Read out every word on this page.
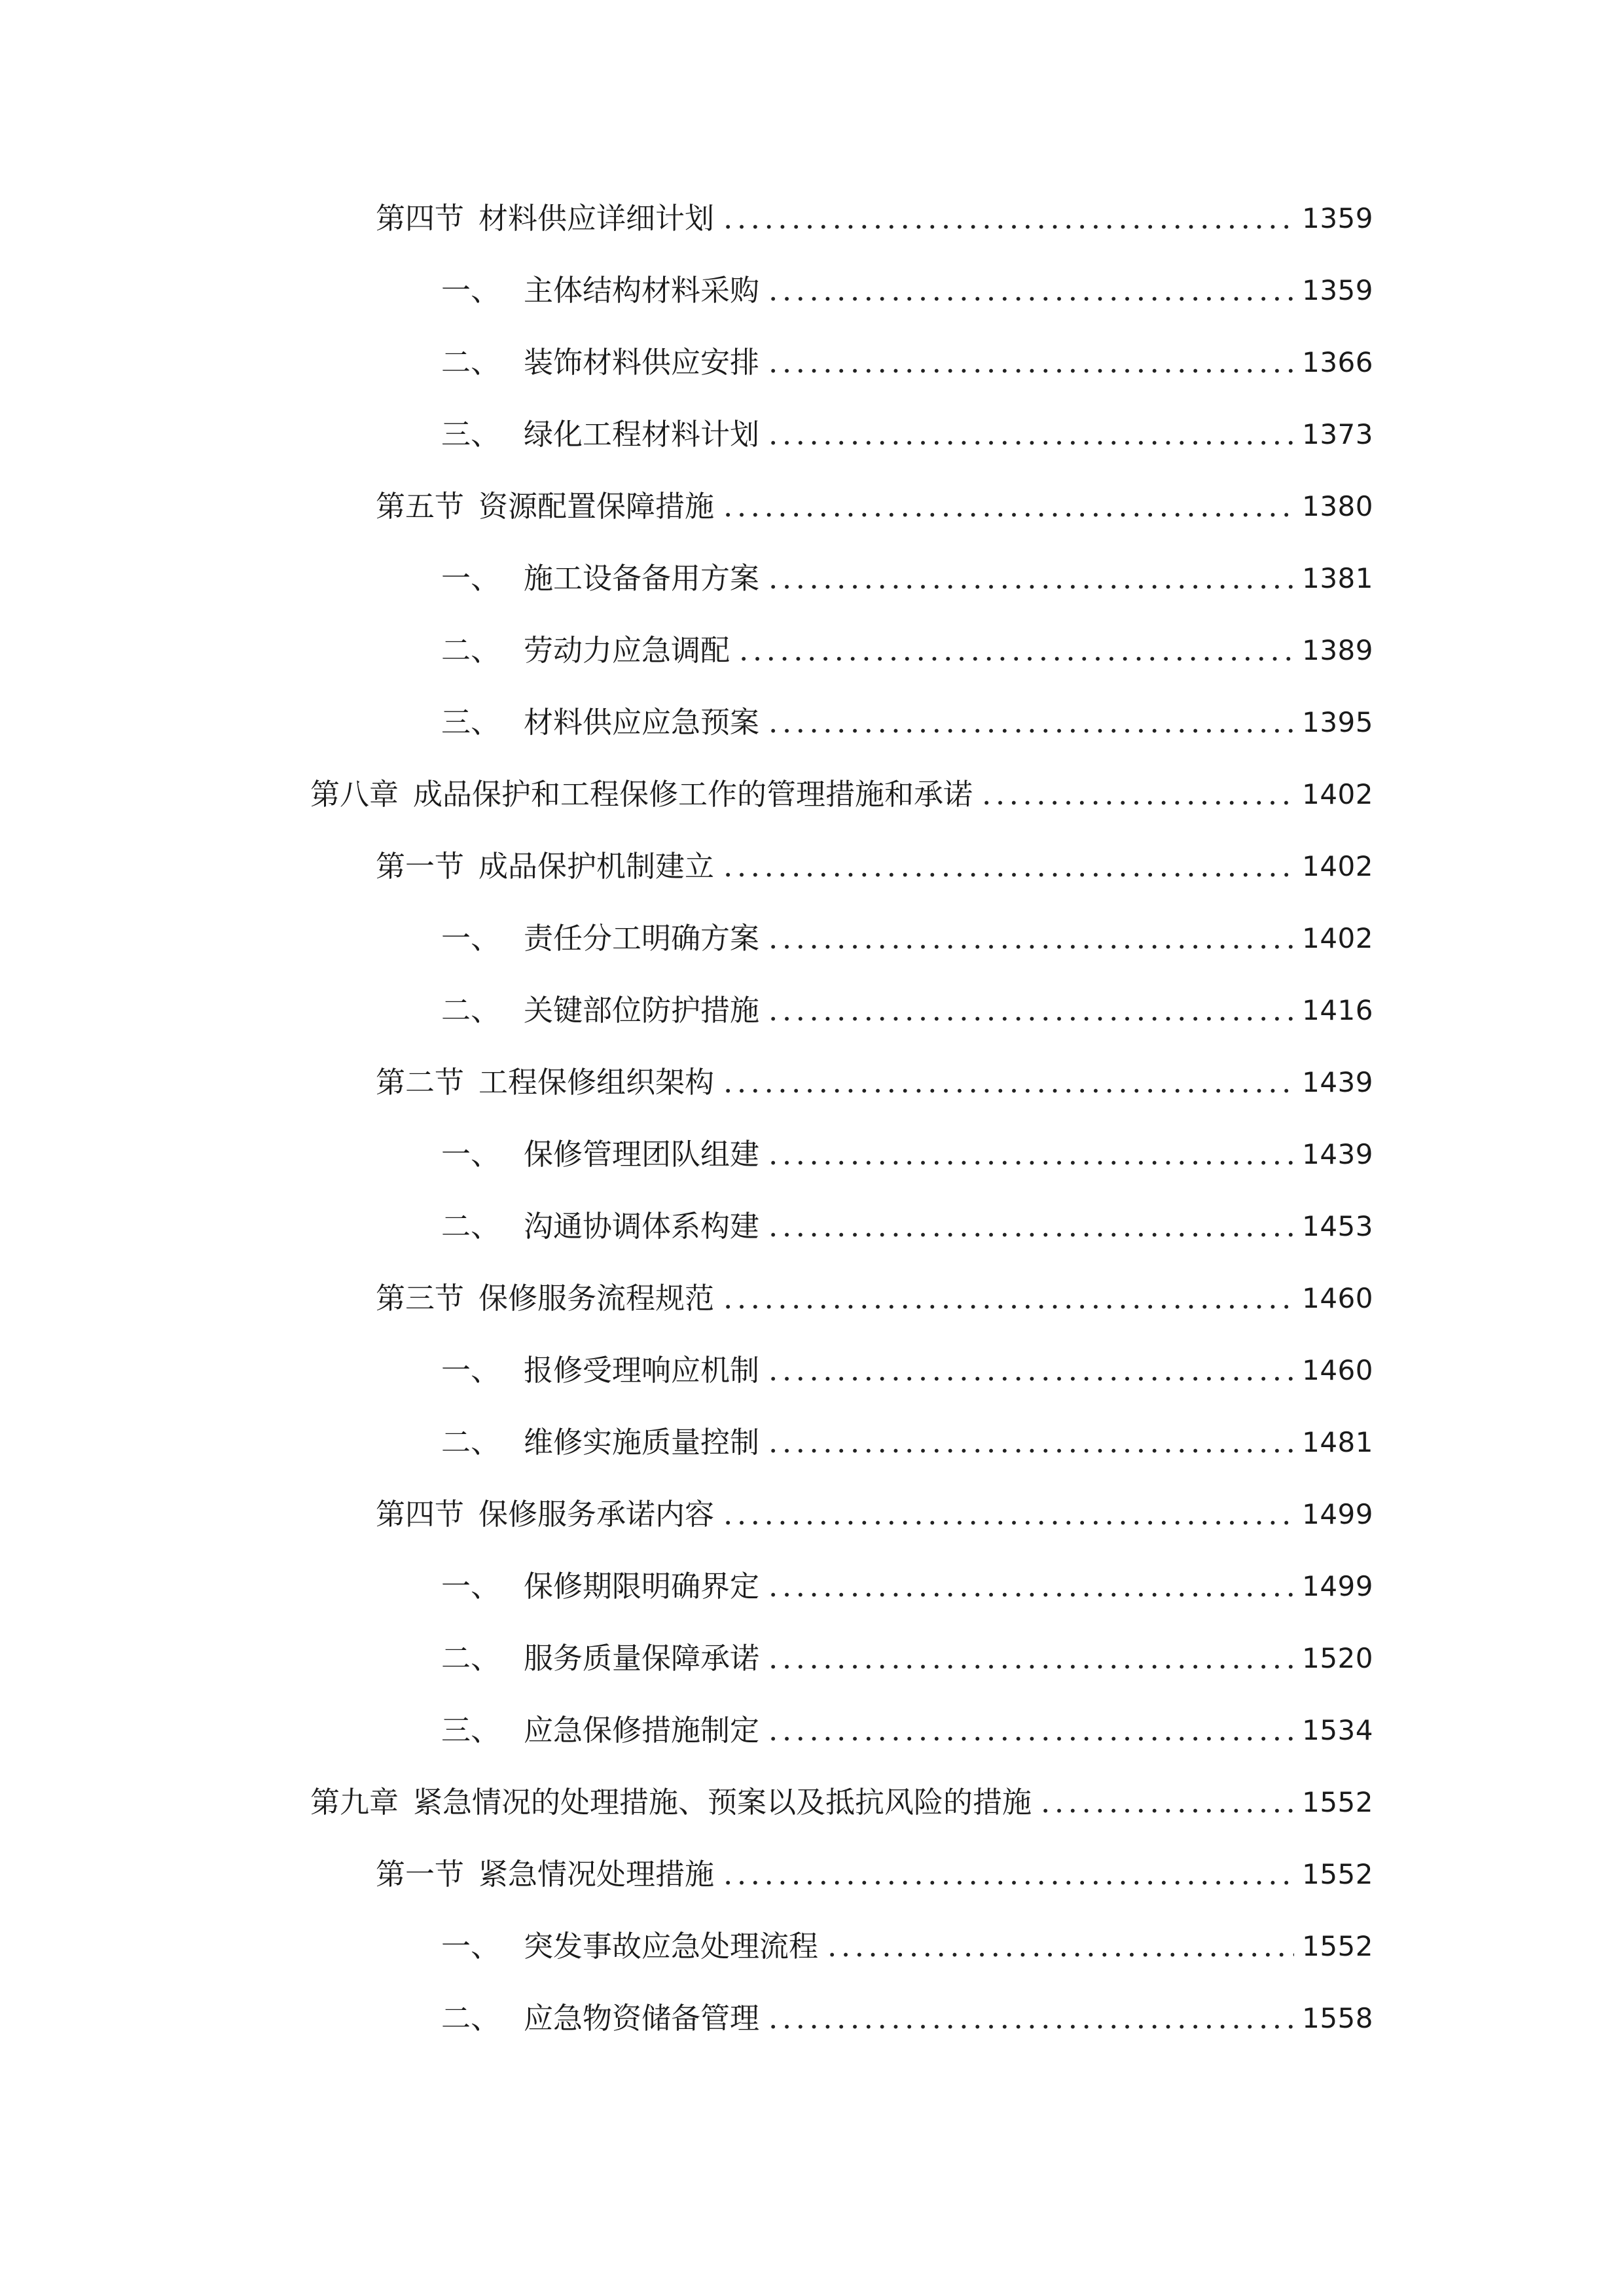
第四节 材料供应详细计划 .....	1359
一、 主体结构材料采购 .....	1359
二、 装饰材料供应安排 .....	1366
三、 绿化工程材料计划 .....	1373
第五节 资源配置保障措施 .....	1380
一、 施工设备备用方案 .....	1381
二、 劳动力应急调配 .....	1389
三、 材料供应应急预案 .....	1395
第八章 成品保护和工程保修工作的管理措施和承诺 .....	1402
第一节 成品保护机制建立 .....	1402
一、 责任分工明确方案 .....	1402
二、 关键部位防护措施 .....	1416
第二节 工程保修组织架构 .....	1439
一、 保修管理团队组建 .....	1439
二、 沟通协调体系构建 .....	1453
第三节 保修服务流程规范 .....	1460
一、 报修受理响应机制 .....	1460
二、 维修实施质量控制 .....	1481
第四节 保修服务承诺内容 .....	1499
一、 保修期限明确界定 .....	1499
二、 服务质量保障承诺 .....	1520
三、 应急保修措施制定 .....	1534
第九章 紧急情况的处理措施、预案以及抵抗风险的措施 .....	1552
第一节 紧急情况处理措施 .....	1552
一、 突发事故应急处理流程 .....	1552
二、 应急物资储备管理 .....	1558
